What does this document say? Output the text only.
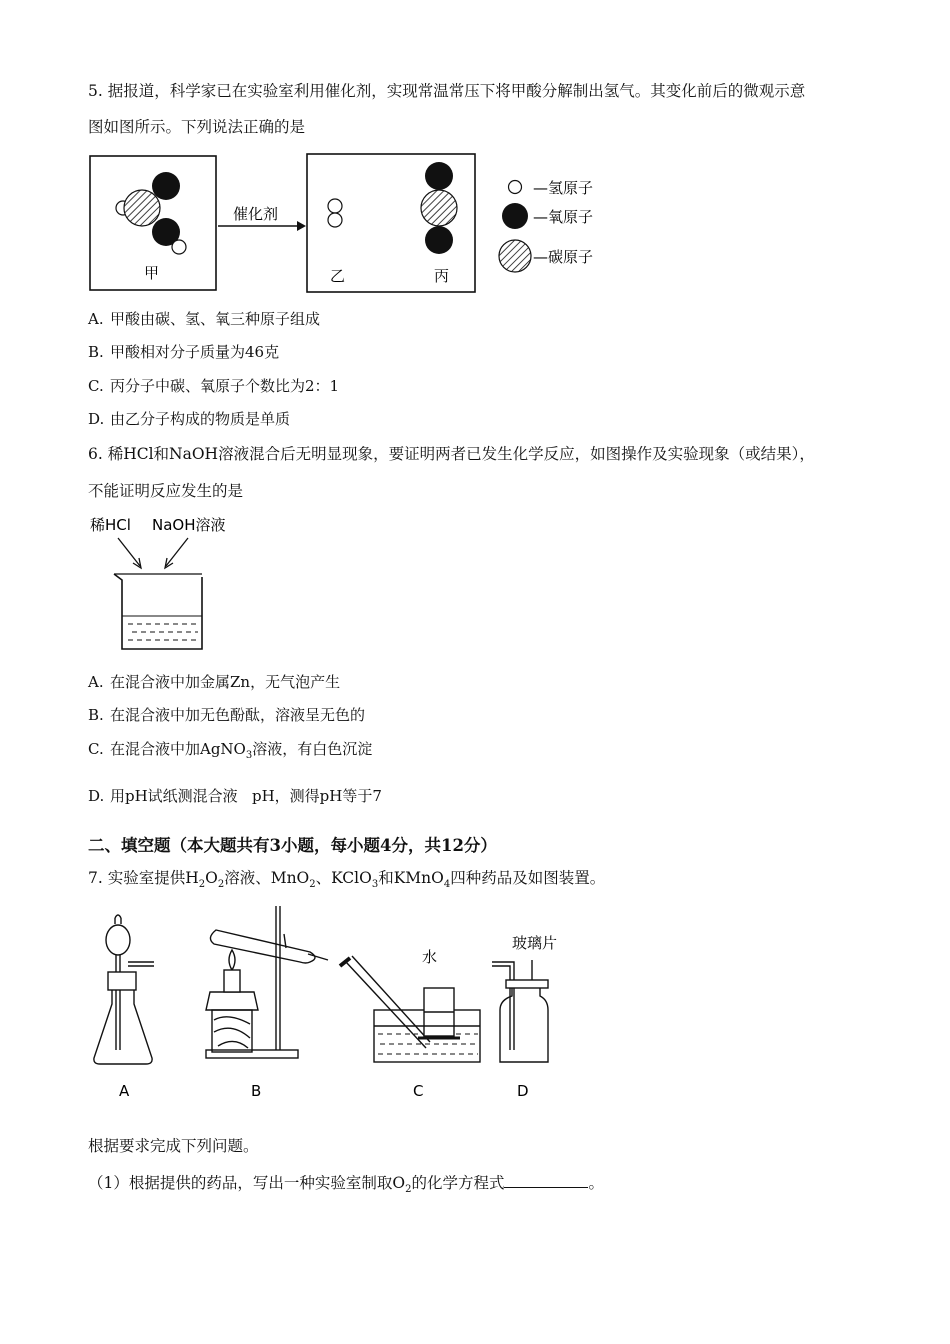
5. 据报道，科学家已在实验室利用催化剂，实现常温常压下将甲酸分解制出氢气。其变化前后的微观示意
图如图所示。下列说法正确的是
甲
催化剂
乙	丙
—氢原子
—氧原子
—碳原子
A. 甲酸由碳、氢、氧三种原子组成
B. 甲酸相对分子质量为46克
C. 丙分子中碳、氧原子个数比为2：1
D. 由乙分子构成的物质是单质
6. 稀HCl和NaOH溶液混合后无明显现象，要证明两者已发生化学反应，如图操作及实验现象（或结果），
不能证明反应发生的是
稀HCl NaOH溶液
A. 在混合液中加金属Zn，无气泡产生
B. 在混合液中加无色酚酞，溶液呈无色的
C. 在混合液中加AgNO$_3$溶液，有白色沉淀
D. 用pH试纸测混合液   pH，测得pH等于7
二、填空题（本大题共有3小题，每小题4分，共12分）
7. 实验室提供$H_2O_2$溶液、MnO$_2$、KClO$_3$和KMnO$_4$四种药品及如图装置。
A	B
水
C
玻璃片
D
根据要求完成下列问题。
（1）根据提供的药品，写出一种实验室制取$O_2$的化学方程式	。
